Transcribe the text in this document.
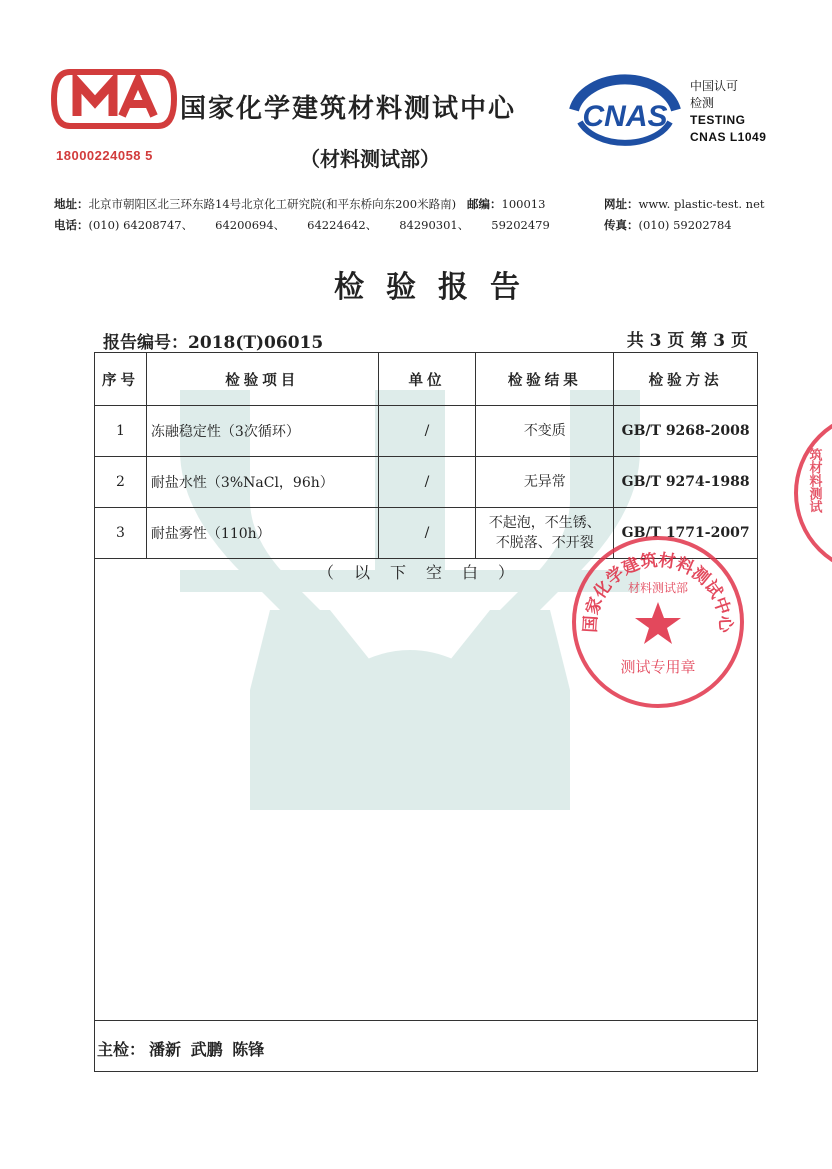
18000224058 5
国家化学建筑材料测试中心
（材料测试部）
CNAS
中国认可
检测
TESTING
CNAS L1049
地址：北京市朝阳区北三环东路14号北京化工研究院(和平东桥向东200米路南) 邮编：100013	网址：www. plastic-test. net
电话：(010) 64208747、 64200694、 64224642、 84290301、 59202479	传真：(010) 59202784
检验报告
报告编号：2018(T)06015	共 3 页 第 3 页
序号	检验项目	单位	检验结果	检验方法
1	冻融稳定性（3次循环）	/	不变质	GB/T 9268-2008
2	耐盐水性（3%NaCl，96h）	/	无异常	GB/T 9274-1988
3	耐盐雾性（110h）	/	不起泡，不生锈、
不脱落、不开裂	GB/T 1771-2007
（以下空白）
主检： 潘新 武鹏 陈锋
国家化学建筑材料测试中心
材料测试部
测试专用章
筑材料测试
